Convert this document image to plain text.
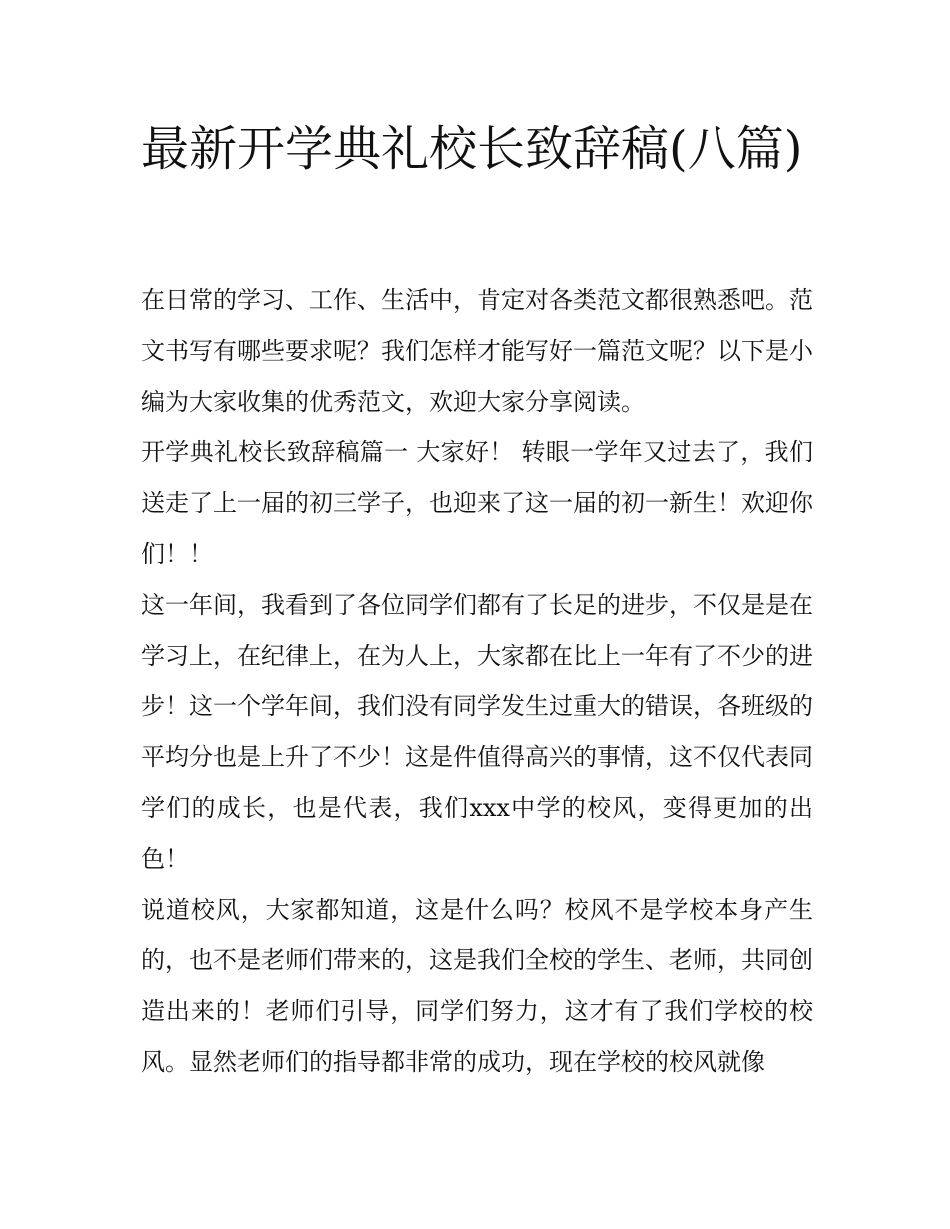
最新开学典礼校长致辞稿(八篇)

在日常的学习、工作、生活中，肯定对各类范文都很熟悉吧。范文书写有哪些要求呢？我们怎样才能写好一篇范文呢？以下是小编为大家收集的优秀范文，欢迎大家分享阅读。

开学典礼校长致辞稿篇一 大家好！ 转眼一学年又过去了，我们送走了上一届的初三学子，也迎来了这一届的初一新生！欢迎你们！！

这一年间，我看到了各位同学们都有了长足的进步，不仅是是在学习上，在纪律上，在为人上，大家都在比上一年有了不少的进步！这一个学年间，我们没有同学发生过重大的错误，各班级的平均分也是上升了不少！这是件值得高兴的事情，这不仅代表同学们的成长，也是代表，我们xxx中学的校风，变得更加的出色！

说道校风，大家都知道，这是什么吗？校风不是学校本身产生的，也不是老师们带来的，这是我们全校的学生、老师，共同创造出来的！老师们引导，同学们努力，这才有了我们学校的校风。显然老师们的指导都非常的成功，现在学校的校风就像
